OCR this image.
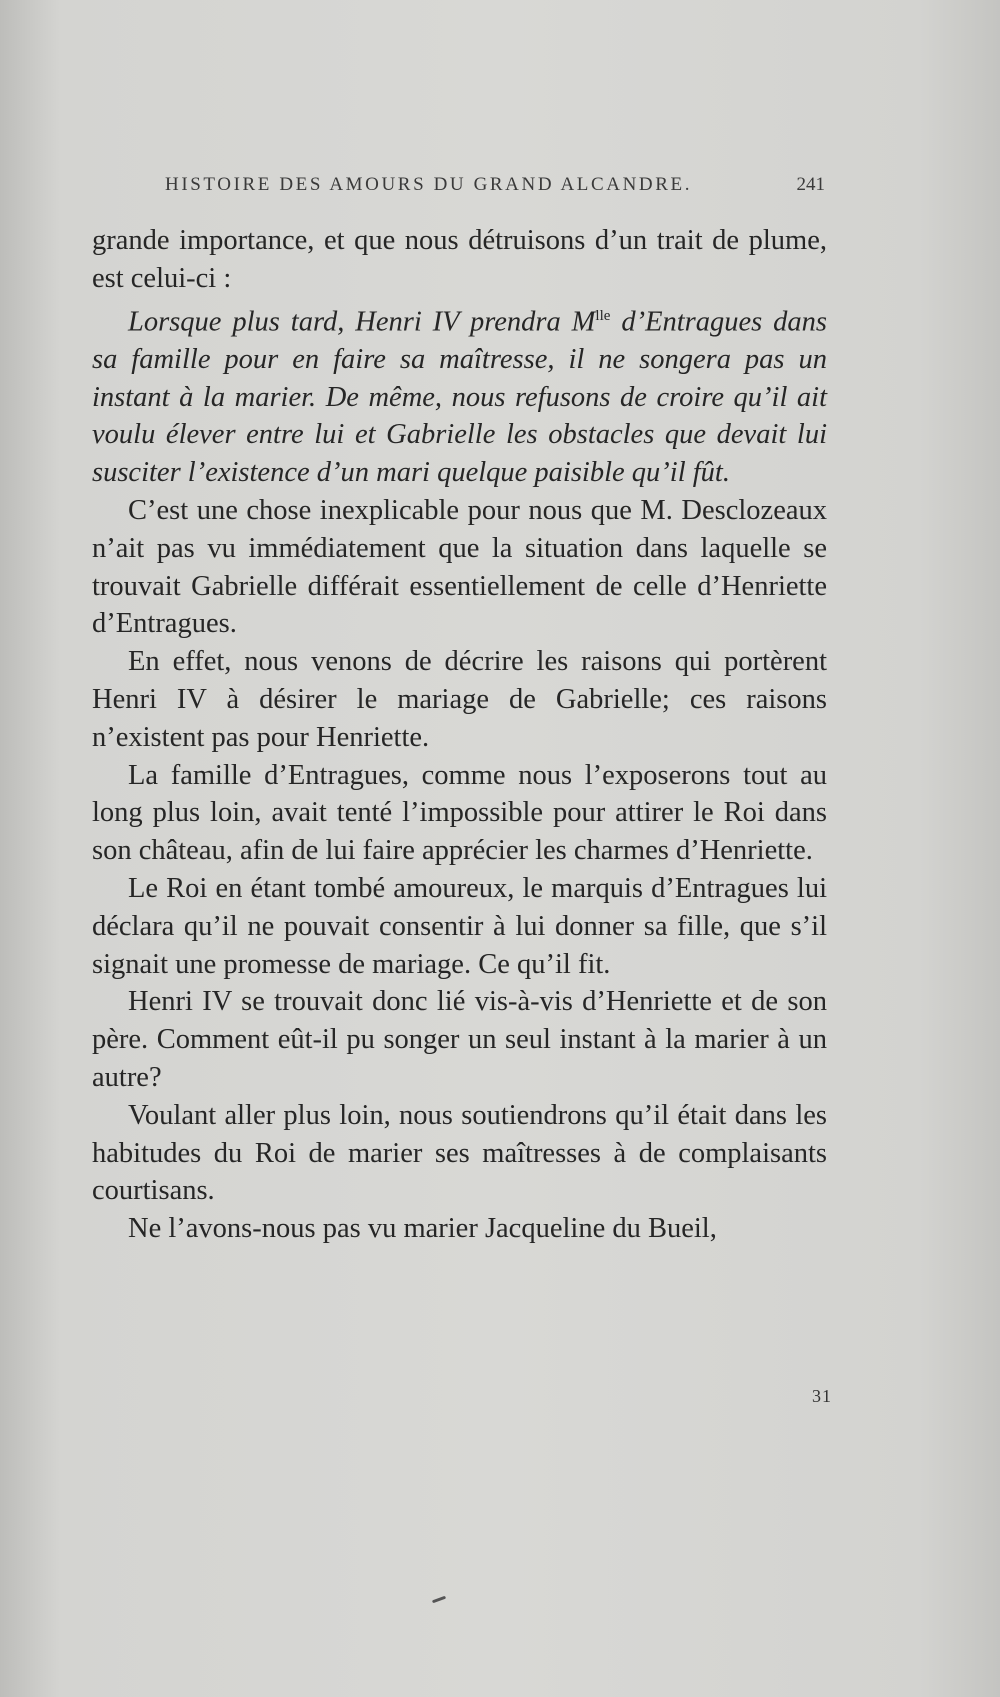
HISTOIRE DES AMOURS DU GRAND ALCANDRE.	241

grande importance, et que nous détruisons d’un trait de plume, est celui-ci :

Lorsque plus tard, Henri IV prendra $M^{lle}$ d’Entragues dans sa famille pour en faire sa maîtresse, il ne songera pas un instant à la marier. De même, nous refusons de croire qu’il ait voulu élever entre lui et Gabrielle les obstacles que devait lui susciter l’existence d’un mari quelque paisible qu’il fût.

C’est une chose inexplicable pour nous que M. Desclozeaux n’ait pas vu immédiatement que la situation dans laquelle se trouvait Gabrielle différait essentiellement de celle d’Henriette d’Entragues.

En effet, nous venons de décrire les raisons qui portèrent Henri IV à désirer le mariage de Gabrielle; ces raisons n’existent pas pour Henriette.

La famille d’Entragues, comme nous l’exposerons tout au long plus loin, avait tenté l’impossible pour attirer le Roi dans son château, afin de lui faire apprécier les charmes d’Henriette.

Le Roi en étant tombé amoureux, le marquis d’Entragues lui déclara qu’il ne pouvait consentir à lui donner sa fille, que s’il signait une promesse de mariage. Ce qu’il fit.

Henri IV se trouvait donc lié vis-à-vis d’Henriette et de son père. Comment eût-il pu songer un seul instant à la marier à un autre?

Voulant aller plus loin, nous soutiendrons qu’il était dans les habitudes du Roi de marier ses maîtresses à de complaisants courtisans.

Ne l’avons-nous pas vu marier Jacqueline du Bueil,

31
